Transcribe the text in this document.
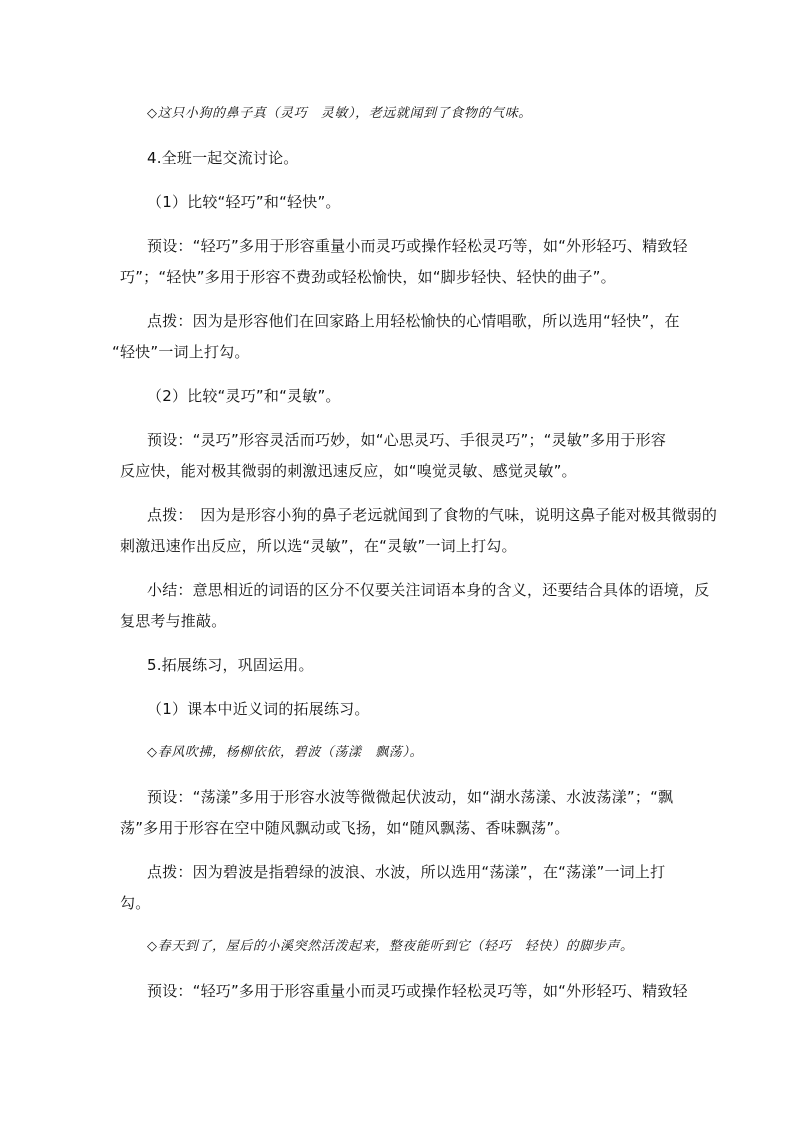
◇这只小狗的鼻子真（灵巧　灵敏），老远就闻到了食物的气味。

4.全班一起交流讨论。

（1）比较“轻巧”和“轻快”。

预设：“轻巧”多用于形容重量小而灵巧或操作轻松灵巧等，如“外形轻巧、精致轻

巧”；“轻快”多用于形容不费劲或轻松愉快，如“脚步轻快、轻快的曲子”。

点拨：因为是形容他们在回家路上用轻松愉快的心情唱歌，所以选用“轻快”，在

“轻快”一词上打勾。

（2）比较“灵巧”和“灵敏”。

预设：“灵巧”形容灵活而巧妙，如“心思灵巧、手很灵巧”；“灵敏”多用于形容

反应快，能对极其微弱的刺激迅速反应，如“嗅觉灵敏、感觉灵敏”。

点拨：　因为是形容小狗的鼻子老远就闻到了食物的气味，说明这鼻子能对极其微弱的

刺激迅速作出反应，所以选“灵敏”，在“灵敏”一词上打勾。

小结：意思相近的词语的区分不仅要关注词语本身的含义，还要结合具体的语境，反

复思考与推敲。

5.拓展练习，巩固运用。

（1）课本中近义词的拓展练习。

◇春风吹拂，杨柳依依，碧波（荡漾　飘荡）。

预设：“荡漾”多用于形容水波等微微起伏波动，如“湖水荡漾、水波荡漾”；“飘

荡”多用于形容在空中随风飘动或飞扬，如“随风飘荡、香味飘荡”。

点拨：因为碧波是指碧绿的波浪、水波，所以选用“荡漾”，在“荡漾”一词上打

勾。

◇春天到了，屋后的小溪突然活泼起来，整夜能听到它（轻巧　轻快）的脚步声。

预设：“轻巧”多用于形容重量小而灵巧或操作轻松灵巧等，如“外形轻巧、精致轻
